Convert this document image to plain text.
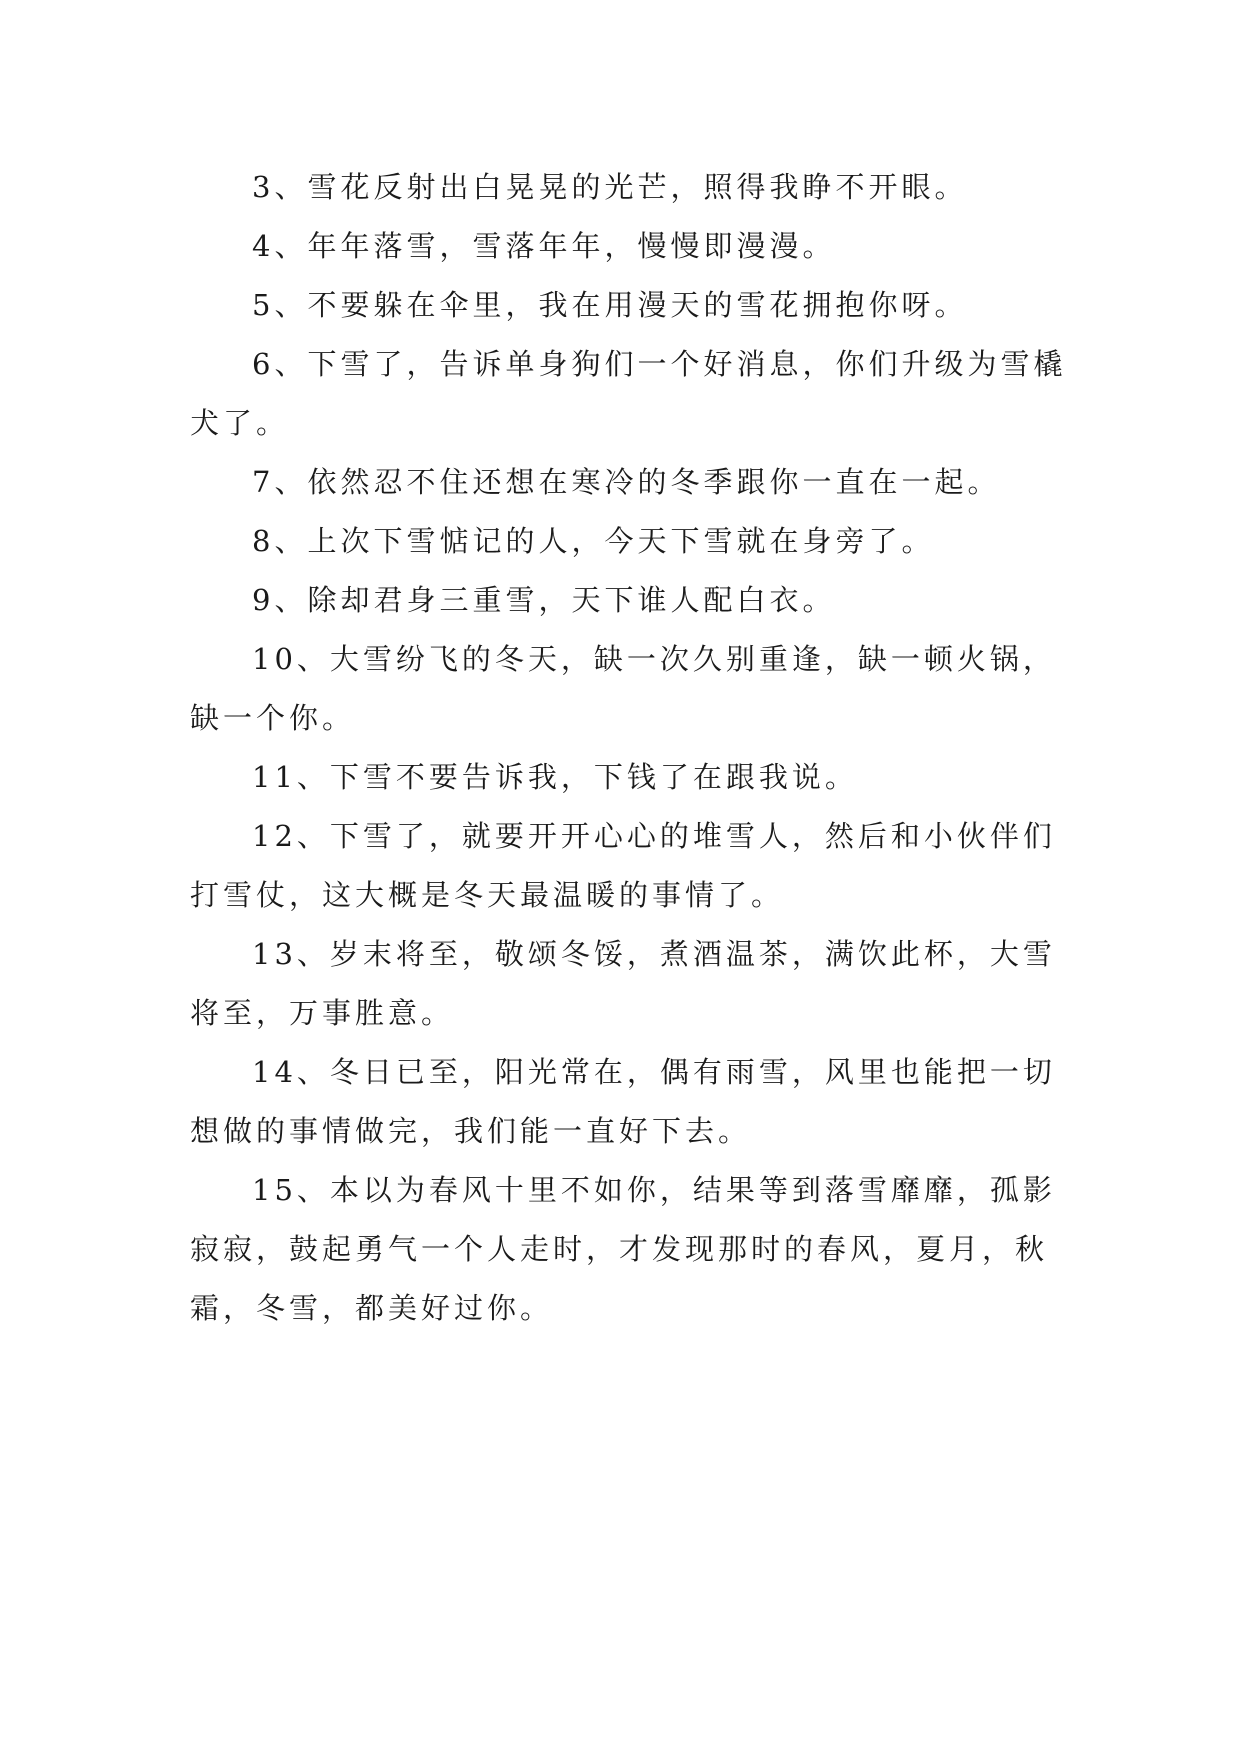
3、雪花反射出白晃晃的光芒，照得我睁不开眼。

4、年年落雪，雪落年年，慢慢即漫漫。

5、不要躲在伞里，我在用漫天的雪花拥抱你呀。

6、下雪了，告诉单身狗们一个好消息，你们升级为雪橇犬了。

7、依然忍不住还想在寒冷的冬季跟你一直在一起。

8、上次下雪惦记的人，今天下雪就在身旁了。

9、除却君身三重雪，天下谁人配白衣。

10、大雪纷飞的冬天，缺一次久别重逢，缺一顿火锅，缺一个你。

11、下雪不要告诉我，下钱了在跟我说。

12、下雪了，就要开开心心的堆雪人，然后和小伙伴们打雪仗，这大概是冬天最温暖的事情了。

13、岁末将至，敬颂冬馁，煮酒温茶，满饮此杯，大雪将至，万事胜意。

14、冬日已至，阳光常在，偶有雨雪，风里也能把一切想做的事情做完，我们能一直好下去。

15、本以为春风十里不如你，结果等到落雪靡靡，孤影寂寂，鼓起勇气一个人走时，才发现那时的春风，夏月，秋霜，冬雪，都美好过你。
